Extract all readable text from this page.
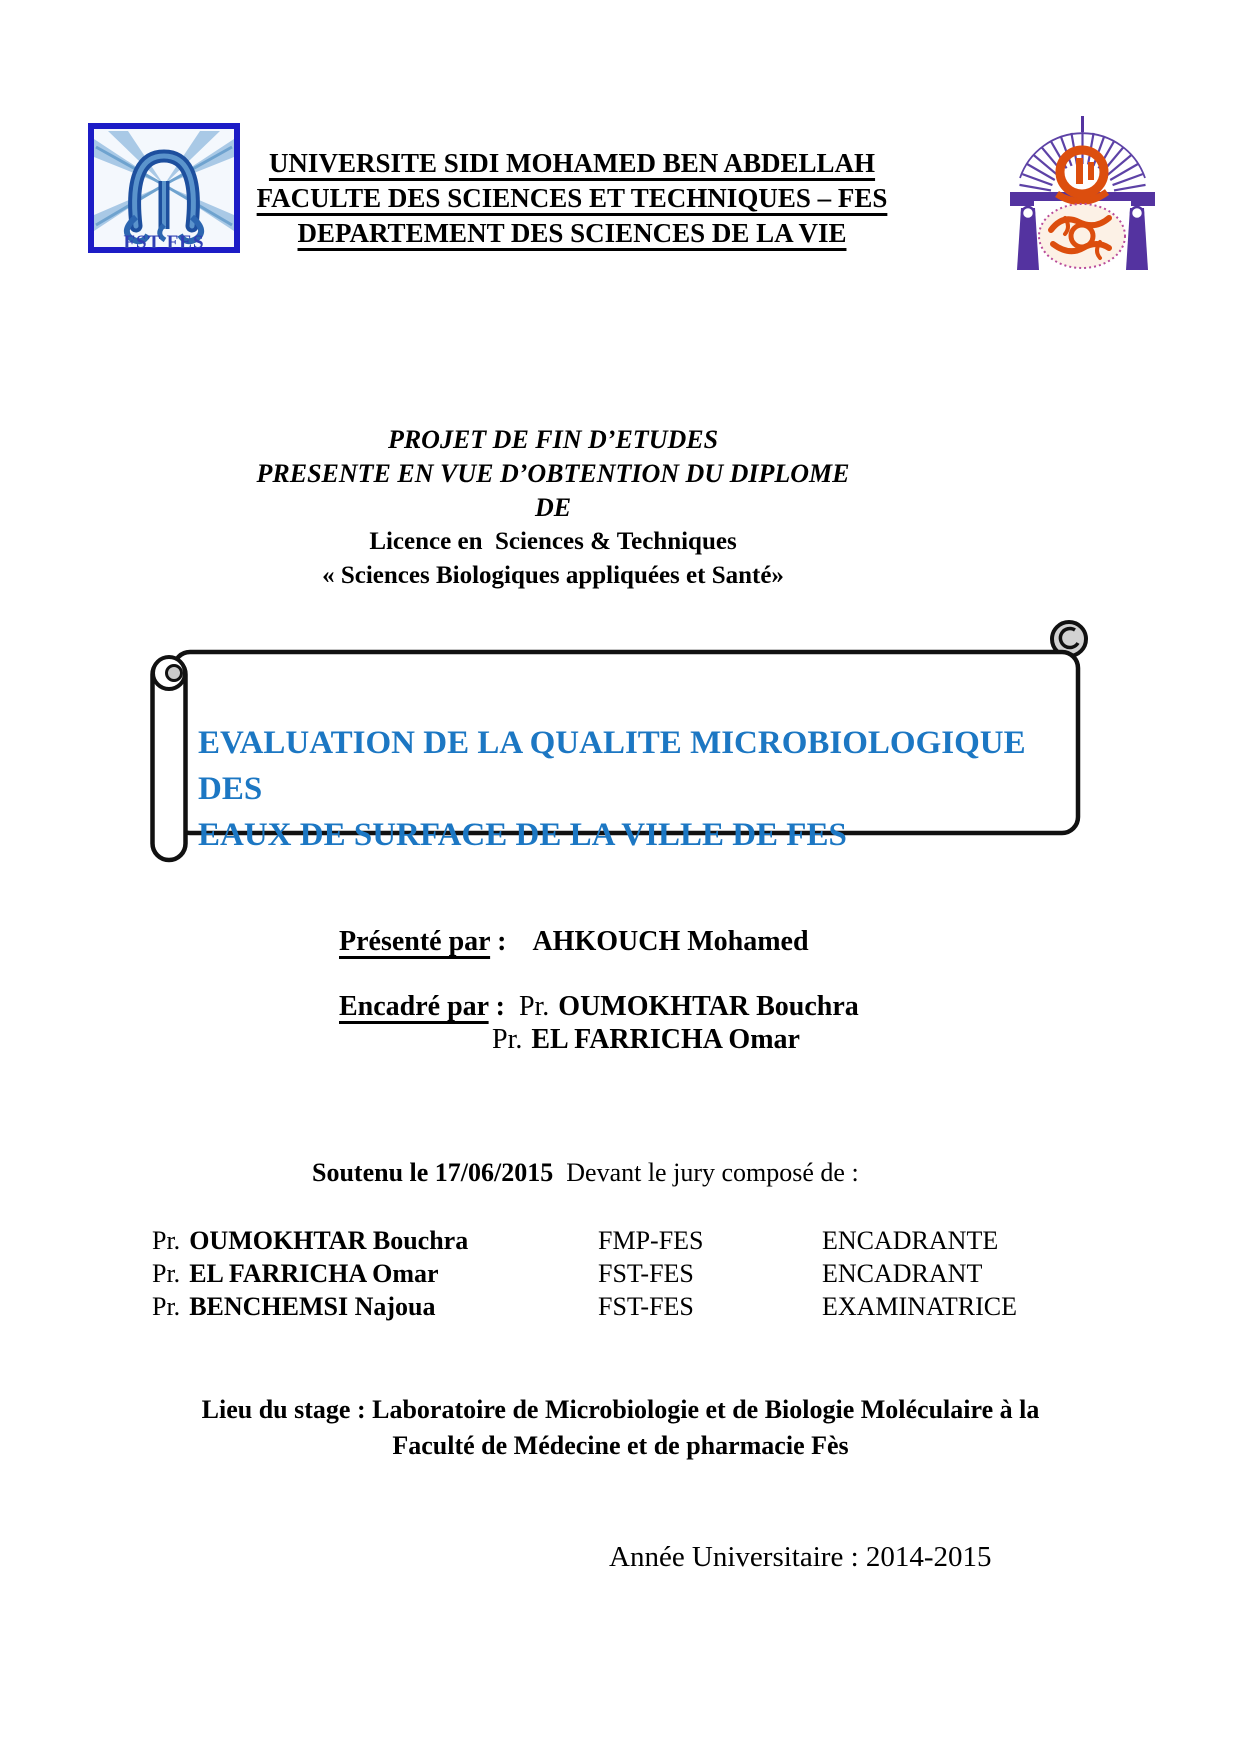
FST FES
UNIVERSITE SIDI MOHAMED BEN ABDELLAH
FACULTE DES SCIENCES ET TECHNIQUES – FES
DEPARTEMENT DES SCIENCES DE LA VIE
PROJET DE FIN D’ETUDES
PRESENTE EN VUE D’OBTENTION DU DIPLOME
DE
Licence en  Sciences & Techniques
« Sciences Biologiques appliquées et Santé»
EVALUATION DE LA QUALITE MICROBIOLOGIQUE DES
EAUX DE SURFACE DE LA VILLE DE FES
Présenté par : AHKOUCH Mohamed
Encadré par : Pr. OUMOKHTAR Bouchra
Pr. EL FARRICHA Omar
Soutenu le 17/06/2015  Devant le jury composé de :
Pr. OUMOKHTAR Bouchra	FMP-FES	ENCADRANTE
Pr. EL FARRICHA Omar	FST-FES	ENCADRANT
Pr. BENCHEMSI Najoua	FST-FES	EXAMINATRICE
Lieu du stage : Laboratoire de Microbiologie et de Biologie Moléculaire à la
Faculté de Médecine et de pharmacie Fès
Année Universitaire : 2014-2015
